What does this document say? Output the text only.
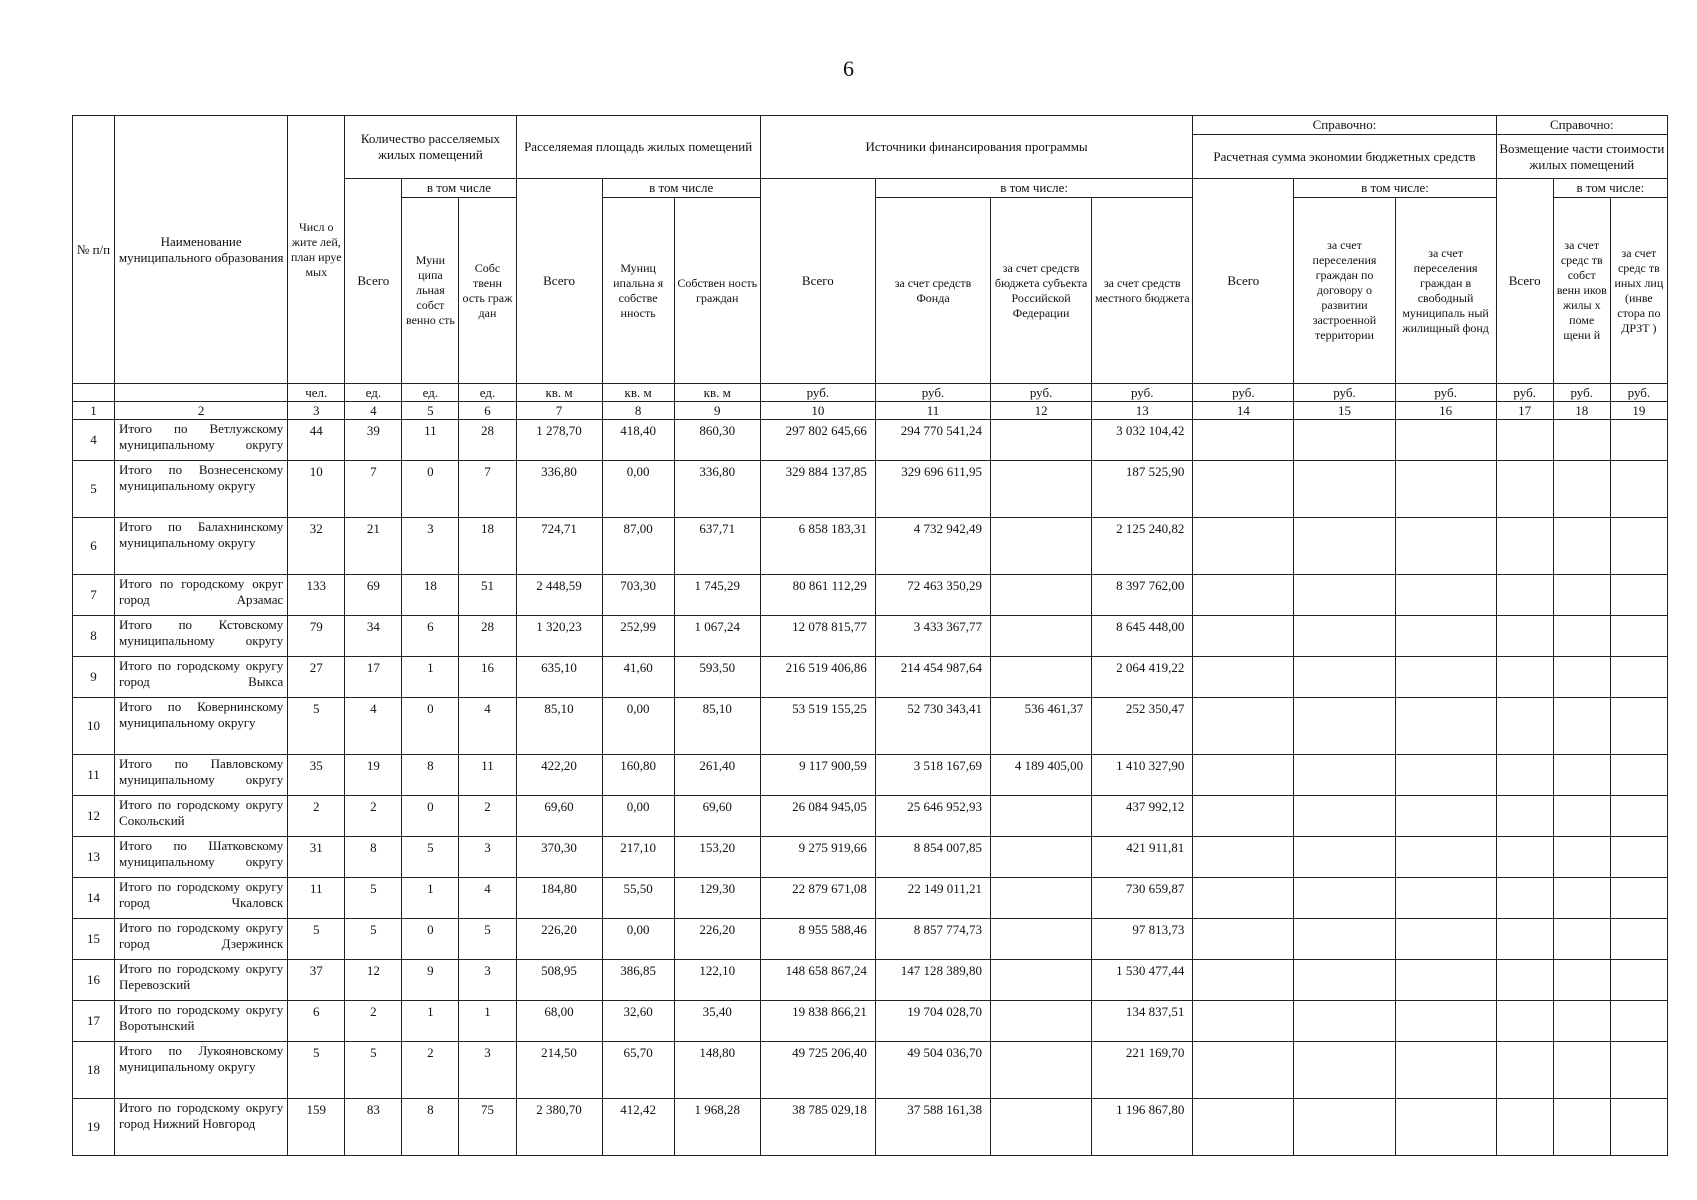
6
№ п/п	Наименование муниципального образования	Числ о жите лей, план ируе мых	Количество расселяемых жилых помещений			Расселяемая площадь жилых помещений			Источники финансирования программы				Справочно:			Справочно:		
													Расчетная сумма экономии бюджетных средств			Возмещение части стоимости жилых помещений		
			Всего	в том числе		Всего	в том числе		Всего	в том числе:			Всего	в том числе:		Всего	в том числе:	
				Муни ципа льная собст венно сть	Собс твенн ость граж дан		Муниц ипальна я собстве нность	Собствен ность граждан		за счет средств Фонда	за счет средств бюджета субъекта Российской Федерации	за счет средств местного бюджета		за счет переселения граждан по договору о развитии застроенной территории	за счет переселения граждан в свободный муниципаль ный жилищный фонд		за счет средс тв собст венн иков жилы х поме щени й	за счет средс тв иных лиц (инве стора по ДРЗТ )
		чел.	ед.	ед.	ед.	кв. м	кв. м	кв. м	руб.	руб.	руб.	руб.	руб.	руб.	руб.	руб.	руб.	руб.
1	2	3	4	5	6	7	8	9	10	11	12	13	14	15	16	17	18	19
4	Итого по Ветлужскому муниципальному округу	44	39	11	28	1 278,70	418,40	860,30	297 802 645,66	294 770 541,24		3 032 104,42						
5	Итого по Вознесенскому муниципальному округу	10	7	0	7	336,80	0,00	336,80	329 884 137,85	329 696 611,95		187 525,90						
6	Итого по Балахнинскому муниципальному округу	32	21	3	18	724,71	87,00	637,71	6 858 183,31	4 732 942,49		2 125 240,82						
7	Итого по городскому округ город Арзамас	133	69	18	51	2 448,59	703,30	1 745,29	80 861 112,29	72 463 350,29		8 397 762,00						
8	Итого по Кстовскому муниципальному округу	79	34	6	28	1 320,23	252,99	1 067,24	12 078 815,77	3 433 367,77		8 645 448,00						
9	Итого по городскому округу город Выкса	27	17	1	16	635,10	41,60	593,50	216 519 406,86	214 454 987,64		2 064 419,22						
10	Итого по Ковернинскому муниципальному округу	5	4	0	4	85,10	0,00	85,10	53 519 155,25	52 730 343,41	536 461,37	252 350,47						
11	Итого по Павловскому муниципальному округу	35	19	8	11	422,20	160,80	261,40	9 117 900,59	3 518 167,69	4 189 405,00	1 410 327,90						
12	Итого по городскому округу Сокольский	2	2	0	2	69,60	0,00	69,60	26 084 945,05	25 646 952,93		437 992,12						
13	Итого по Шатковскому муниципальному округу	31	8	5	3	370,30	217,10	153,20	9 275 919,66	8 854 007,85		421 911,81						
14	Итого по городскому округу город Чкаловск	11	5	1	4	184,80	55,50	129,30	22 879 671,08	22 149 011,21		730 659,87						
15	Итого по городскому округу город Дзержинск	5	5	0	5	226,20	0,00	226,20	8 955 588,46	8 857 774,73		97 813,73						
16	Итого по городскому округу Перевозский	37	12	9	3	508,95	386,85	122,10	148 658 867,24	147 128 389,80		1 530 477,44						
17	Итого по городскому округу Воротынский	6	2	1	1	68,00	32,60	35,40	19 838 866,21	19 704 028,70		134 837,51						
18	Итого по Лукояновскому муниципальному округу	5	5	2	3	214,50	65,70	148,80	49 725 206,40	49 504 036,70		221 169,70						
19	Итого по городскому округу город Нижний Новгород	159	83	8	75	2 380,70	412,42	1 968,28	38 785 029,18	37 588 161,38		1 196 867,80						
